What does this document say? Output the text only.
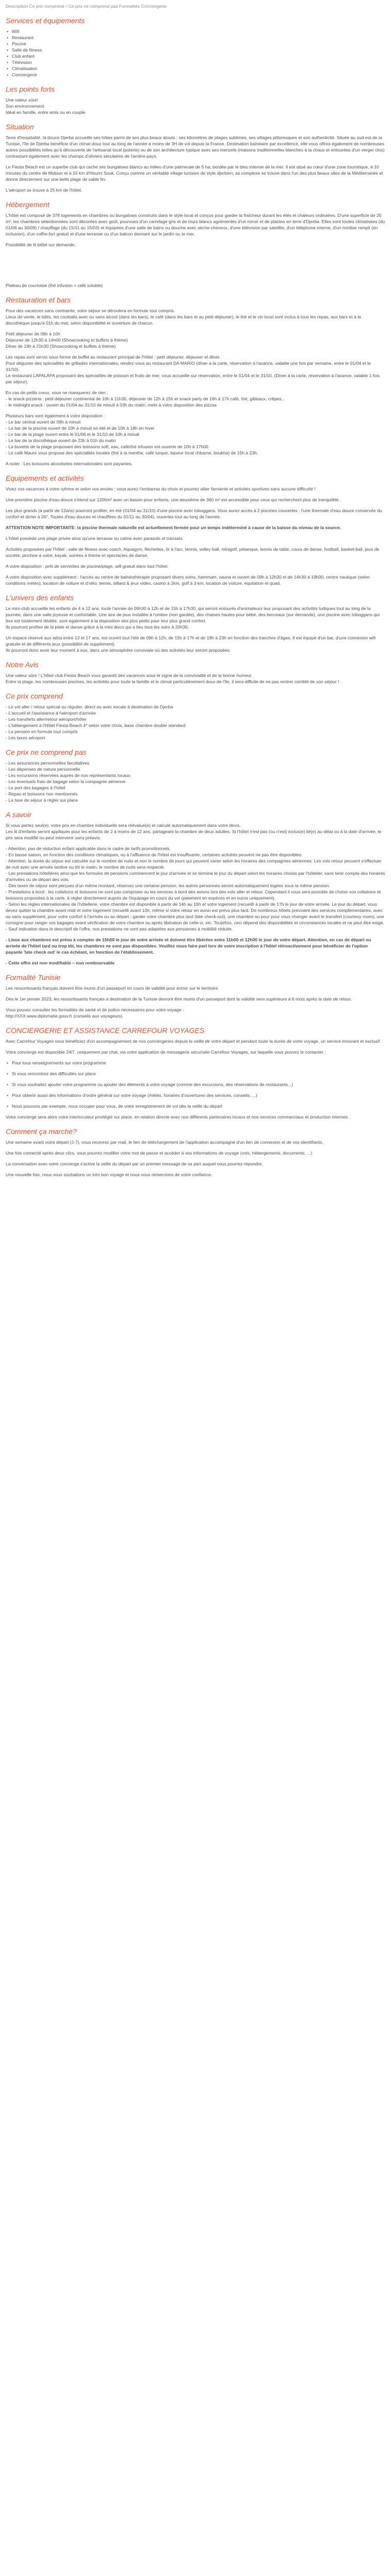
Description Ce prix comprend / Ce prix ne comprend pas Formalités Conciergerie
Services et équipements
• Wifi
• Restaurant
• Piscine
• Salle de fitness
• Club enfant
• Télévision
• Climatisation
• Conciergerie
Les points forts
Une valeur sûre!
Son environnement
Idéal en famille, entre amis ou en couple
Situation

Terre d'hospitalité, la douce Djerba accueille ses hôtes parmi de ses plus beaux atouts : ses kilomètres de plages sublimes, ses villages pittoresques et son authenticité. Située au sud-est de la Tunisie, l'île de Djerba bénéficie d'un climat doux tout au long de l'année à moins de 3H de vol depuis la France. Destination balnéaire par excellence, elle vous offrira également de nombreuses autres possibilités telles qu'à découverte de l'artisanat local (poterie) ou de son architecture typique avec ses menzels (maisons traditionnelles blanches à la chaux et entourées d'un verger clos) contrastant également avec les champs d'oliviers séculaires de l'arrière-pays.

Le Fiesta Beach est un superbe club qui cache ses bungalows blancs au milieu d'une palmeraie de 5 ha, bordée par le bleu intense de la mer. Il est situé au cœur d'une zone touristique, à 10 minutes du centre de Midoun et à 15 km d'Houmt Souk. Conçu comme un véritable village tunisien de style djerbien, sa complexe se trouve dans l'un des plus beaux sites de la Méditerranée et donne directement sur une belle plage de sable fin.

L'aéroport se trouve à 25 km de l'hôtel.

Hébergement

L'hôtel est composé de 378 logements en chambres ou bungalows construits dans le style local et conçus pour garder la fraîcheur durant les étés et chaleurs ordinaires. D'une superficie de 25 m², les chambres sélectionnées sont décorées avec goût, pourvues d'un carrelage gris et de murs blancs agrémentés d'un miroir et de plantes en terre d'Djerba. Elles sont toutes climatisées (du 01/06 au 30/09) / chauffage (du 15/11 au 15/03) et équipées d'une salle de bains ou douche avec sèche-cheveux, d'une télévision par satellite, d'un téléphone interne, d'un minibar rempli (en inclusion), d'un coffre-fort gratuit et d'une terrasse ou d'un balcon donnant sur le jardin ou la mer.

Possibilité de lit bébé sur demande.

Plateau de courtoisie (thé infusion + café soluble)

Restauration et bars

Pour des vacances sans contrainte, votre séjour se déroulera en formule tout compris.
Lieux de vente, le bâtis, les cocktails avec ou sans alcool (dans les bars), le café (dans les bars et au petit déjeuner), le thé et le vin local sont inclus à tous les repas, aux bars et à la discothèque jusqu'à 01h du mat, selon disponibilité et ouverture de chacun.

Petit déjeuner de 06h à 10h
Déjeuner de 12h30 à 14h00 (Showcooking et buffets à thème)
Dîner de 19h à 21h30 (Showcooking et buffets à thème)

Les repas sont servis sous forme de buffet au restaurant principal de l'hôtel : petit déjeuner, déjeuner et dîner.
Pour déguster des spécialités de grillades internationales, rendez-vous au restaurant DA MARIO (dîner à la carte, réservation à l'avance, valable une fois par semaine, entre le 01/04 et le 31/10).
Le restaurant LAPALAPA proposant des spécialités de poisson et fruits de mer, vous accueille sur réservation, entre le 01/04 et le 31/10. (Dîner à la carte, réservation à l'avance, valable 1 fois par séjour).

En cas de petits creux, vous ne manquerez de rien :
- le snack-pizzeria : petit déjeuner continental de 10h à 11h30, déjeuner de 12h à 15h et snack party de 16h à 17h café, thé, gâteaux, crêpes...
- le midnight snack : ouvert du 01/04 au 31/10 de minuit à 03h du matin, mets à votre disposition des pizzas

Plusieurs bars sont également à votre disposition :
- Le bar central ouvert de 09h à minuit
- Le bar de la piscine ouvert de 10h à minuit en été et de 10h à 18h en hiver
- Le bar de la plage ouvert entre le 01/06 et le 31/10 de 10h à minuit
- Le bar de la discothèque ouvert de 23h à 01h du matin
- La buvette de la plage proposant des boissons soft, eau, café/thé infusion est ouverte de 10h à 17h00
- Le café Maure vous propose des spécialités locales (thé à la menthe, café turque, liqueur local chbarne, boukha) de 15h à 23h.

A noter : Les boissons alcoolisées internationales sont payantes.

Equipements et activités

Vivez vos vacances à votre rythme et selon vos envies : vous aurez l'embarras du choix et pourrez allier farniente et activités sportives sans aucune difficulté !

Une première piscine d'eau douce s'étend sur 1200m² avec un bassin pour enfants, une deuxième de 360 m² est accessible pour ceux qui recherchent plus de tranquillité.

Les plus grands (à partir de 12ans) pourront profiter, en été (01/04 au 31/10) d'une piscine avec toboggans. Vous aurez accès à 2 piscines couvertes : l'une thermale d'eau douce conservée du confort et dicter à 26°. Toutes d'eau douces et chauffées du 01/11 au 30/04), ouvertes tout au long de l'année.

ATTENTION NOTE IMPORTANTE: la piscine thermale naturelle est actuellement fermée pour un temps indéterminé à cause de la baisse du niveau de la source.

L'hôtel possède une plage privée ainsi qu'une terrasse ou calme avec parasols et transats.

Activités proposées par l'hôtel : salle de fitness avec coach, Aquagym, fléchettes, tir à l'arc, tennis, volley-ball, minigolf, pétanque, tennis de table, cours de danse, football, basket-ball, jeux de société, pinchne à votre, kayak, soirées à thème et spectacles de danse.

A votre disposition : prêt de serviettes de piscine/plage, wifi gratuit dans tout l'hôtel.

A votre disposition avec supplément : l'accès au centre de balnéothérapie proposant divers soins, hammam, sauna et ouvert de 09h à 12h30 et de 14h30 à 19h00, centre nautique (selon conditions météo), location de voiture et d'vélo, tennis, billard & jeux vidéo, casino à 2km, golf à 3 km, location de voiture, équitation et quad.

L'univers des enfants

Le mini-club accueille les enfants de 4 à 12 ans, toute l'année de 09h30 à 12h et de 15h à 17h30, qui seront entourés d'animateurs leur proposant des activités ludiques tout au long de la journée, dans une salle joyeuse et confortable. Une aire de jeux installée à l'ombre (non gardée), des chaises hautes pour bébé, des berceaux (sur demande), une piscine avec toboggans qui leur est totalement dédiée, sont également à la disposition des plus petits pour leur plus grand confort.
Ils pourront profiter de la plaie et danse grâce à la mini disco qui a lieu tous les soirs à 20h30.

Un espace réservé aux ados entre 13 et 17 ans, est ouvert tout l'été de 09h à 12h, de 15h à 17h et de 19h à 23h en fonction des tranches d'âges. Il est équipé d'un bar, d'une connexion wifi gratuite et de différents jeux (possibilité de supplément).
Ils pourront donc avoir leur moment à eux, dans une atmosphère conviviale où des activités leur seront proposées.

Notre Avis

Une valeur sûre ! L'hôtel club Fiesta Beach vous garantit des vacances sous le signe de la convivialité et de la bonne humeur.
Entre la plage, les nombreuses piscines, les activités pour toute la famille et le climat particulièrement doux de l'île, il sera difficile de ne pas rentrer comblé de son séjour !

Ce prix comprend
- Le vol aller / retour spécial ou régulier, direct ou avec escale à destination de Djerba
- L'accueil et l'assistance à l'aéroport d'arrivée
- Les transferts aller/retour aéroport/hôtel
- L'hébergement à l'Hôtel Fiesta Beach 4* selon votre choix, base chambre double standard
- La pension en formule tout compris
- Les taxes aéroport
Ce prix ne comprend pas
- Les assurances personnelles facultatives
- Les dépenses de nature personnelle
- Les excursions réservées auprès de nos représentants locaux
- Les éventuels frais de bagage selon la compagnie aérienne
- Le port des bagages à l'hôtel
- Repas et boissons non mentionnés
- La taxe de séjour à régler sur place
A savoir

Si vous partez seul(e), votre prix en chambre individuelle sera réévalué(e) et calculé automatiquement dans votre devis.
Les lit d'enfants seront appliqués pour les enfants de 2 à moins de 12 ans, partageant la chambre de deux adultes. Si l'hôtel n'est pas (ou n'est) inclus(e) lié(e) au délai ou à la date d'arrivée, le prix sera modifié ou peut intervenir sans préavis.

- Attention, pas de réduction enfant applicable dans le cadre de tarifs promotionnels.
- En basse saison, en fonction des conditions climatiques, ou à l'affluence de l'hôtel est insuffisante, certaines activités peuvent ne pas être disponibles.
- Attention, la durée du séjour est calculée sur le nombre de nuits et non le nombre de jours qui peuvent varier selon les horaires des compagnies aériennes. Les vols retour peuvent s'effectuer de nuit avec une arrivée tardive ou tôt le matin, le nombre de nuits sera respecté.
- Les prestations hôtelières ainsi que les formules de pensions commencent le jour d'arrivée et se termine le jour du départ selon les horaires choisis par l'hôtelier, sans tenir compte des horaires d'arrivées ou de départ des vols.
- Des taxes de séjour sont perçues d'un même montant, réservez une certaine pension, les autres personnes seront automatiquement logées sous la même pension.
- Prestations à bord : les collations et boissons ne sont pas comprises ou les services à bord des avions lors des vols aller et retour. Cependant il vous sera possible de choisir vos collations et boissons proposées à la carte, à régler directement auprès de l'équipage en cours du vol (paiement en espèces et en euros uniquement).
- Selon les règles internationales de l'hôtellerie, votre chambre est disponible à partir de 14h au 15h et votre logement (recueilli à partir de 17h le jour de votre arrivée. Le jour du départ, vous devez quitter la chambre avant midi et votre logement (recueilli avant 10h, même si votre retour en avion est prévu plus tard. De nombreux hôtels prévoient des services complémentaires, avec ou sans supplément, pour votre confort à l'arrivée ou au départ : garder votre chambre plus tard (late check-out), une chambre ou pour pour vous changer avant le transfert (courtesy room), une consigne pour ranger vos bagages avant vérification de votre chambre ou après libération de celle-ci, etc. Toutefois, ceci dépend des disponibilités et circonstances locales et ne peut être exigé.
- Sauf indication dans le descriptif de l'offre, nos prestations ne sont pas adaptées aux personnes à mobilité réduite.

- Lieux aux chambres est prévu à compter de 15h00 le jour de votre arrivée et doivent être libérées entre 11h00 et 12h00 le jour de votre départ. Attention, en cas de départ ou arrivée de l'hôtel tard ou trop tôt, les chambres ne sont pas disponibles. Veuillez nous faire part lors de votre inscription à l'hôtel rétroactivement pour bénéficier de l'option payante 'late check out' le cas échéant, en fonction de l'établissement.

- Cette offre est non modifiable – non remboursable

Formalité Tunisie

Les ressortissants français doivent être munis d'un passeport en cours de validité pour entrer sur le territoire.

Dès le 1er janvier 2023, les ressortissants français à destination de la Tunisie devront être munis d'un passeport dont la validité sera supérieure à 6 mois après la date de retour.

Vous pouvez consulter les formalités de santé et de police nécessaires pour votre voyage :
http://XXX.www.diplomatie.gouv.fr (conseils aux voyageurs)

CONCIERGERIE ET ASSISTANCE CARREFOUR VOYAGES

Avec Carrefour Voyages vous bénéficiez d'un accompagnement de nos conciergeries depuis la veille de votre départ et pendant toute la durée de votre voyage, un service innovant et exclusif.

Votre concierge est disponible 24/7, uniquement par chat, via votre application de messagerie sécurisée Carrefour Voyages, sur laquelle vous pouvez le contacter :

• Pour tous renseignements sur votre programme
• Si vous rencontrez des difficultés sur place
• Si vous souhaitez ajouter votre programme ou ajouter des éléments à votre voyage (comme des excursions, des réservations de restaurants...)
• Pour obtenir aussi des informations d'ordre général sur votre voyage (météo, horaires d'ouvertures des services, conseils, ...)
• Nous pouvons par exemple, nous occuper pour vous, de votre enregistrement de vol dès la veille du départ

Votre concierge sera alors votre interlocuteur privilégié sur place, en relation directe avec nos différents partenaires locaux et nos services commerciaux et production internes.

Comment ça marche?

Une semaine avant votre départ (J-7), vous recevrez par mail, le lien de téléchargement de l'application accompagné d'un lien de connexion et de vos identifiants.

Une fois connecté après deux clics, vous pourrez modifier votre mot de passe et accéder à vos informations de voyage (vols, hébergements, documents, ...)

La conversation avec votre concierge s'active la veille du départ par un premier message de sa part auquel vous pourrez répondre.

Une nouvelle fois, nous vous souhaitons un très bon voyage et nous vous remercions de votre confiance.
